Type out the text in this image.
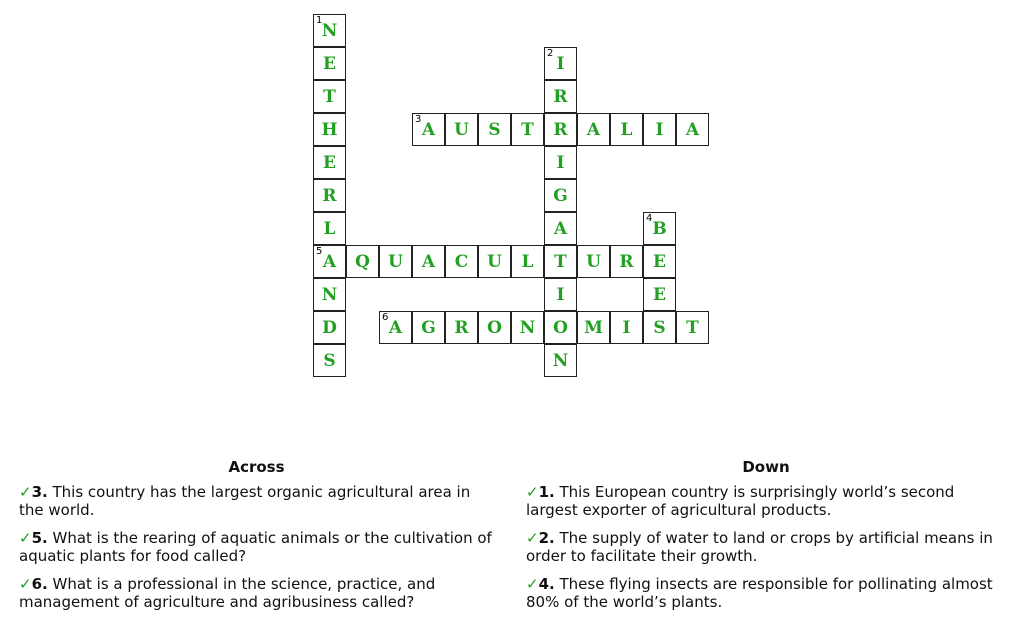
1
N
E
T
H
E
R
L
5
A
N
D
S
2
I
R
R
I
G
A
T
I
O
N
3
A	U	S	T	A	L	I	A
4
B
E
E
S
Q	U	A	C	U	L	U	R
6
A	G	R	O	N	M	I	T
Across
✓3. This country has the largest organic agricultural area in the world.
✓5. What is the rearing of aquatic animals or the cultivation of aquatic plants for food called?
✓6. What is a professional in the science, practice, and management of agriculture and agribusiness called?
Down
✓1. This European country is surprisingly world’s second largest exporter of agricultural products.
✓2. The supply of water to land or crops by artificial means in order to facilitate their growth.
✓4. These flying insects are responsible for pollinating almost 80% of the world’s plants.
